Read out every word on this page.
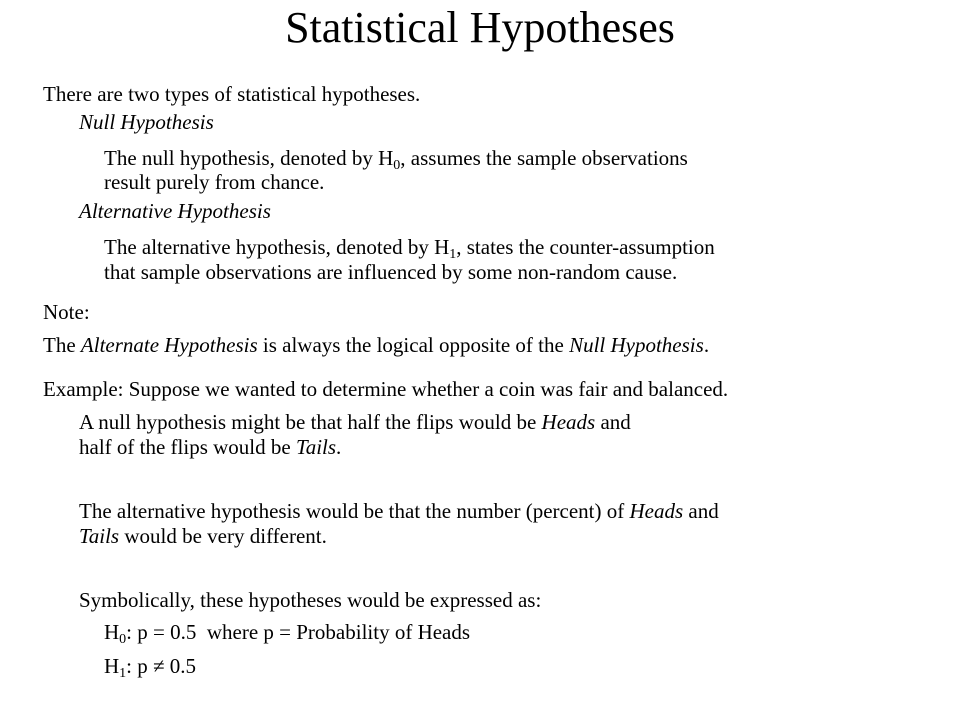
Statistical Hypotheses
There are two types of statistical hypotheses.
Null Hypothesis
The null hypothesis, denoted by $H_0$, assumes the sample observations
result purely from chance.
Alternative Hypothesis
The alternative hypothesis, denoted by $H_1$, states the counter-assumption
that sample observations are influenced by some non-random cause.
Note:
The Alternate Hypothesis is always the logical opposite of the Null Hypothesis.
Example: Suppose we wanted to determine whether a coin was fair and balanced.
A null hypothesis might be that half the flips would be Heads and
half of the flips would be Tails.
The alternative hypothesis would be that the number (percent) of Heads and
Tails would be very different.
Symbolically, these hypotheses would be expressed as:
$H_0$: p = 0.5  where p = Probability of Heads
$H_1$: p ≠ 0.5
